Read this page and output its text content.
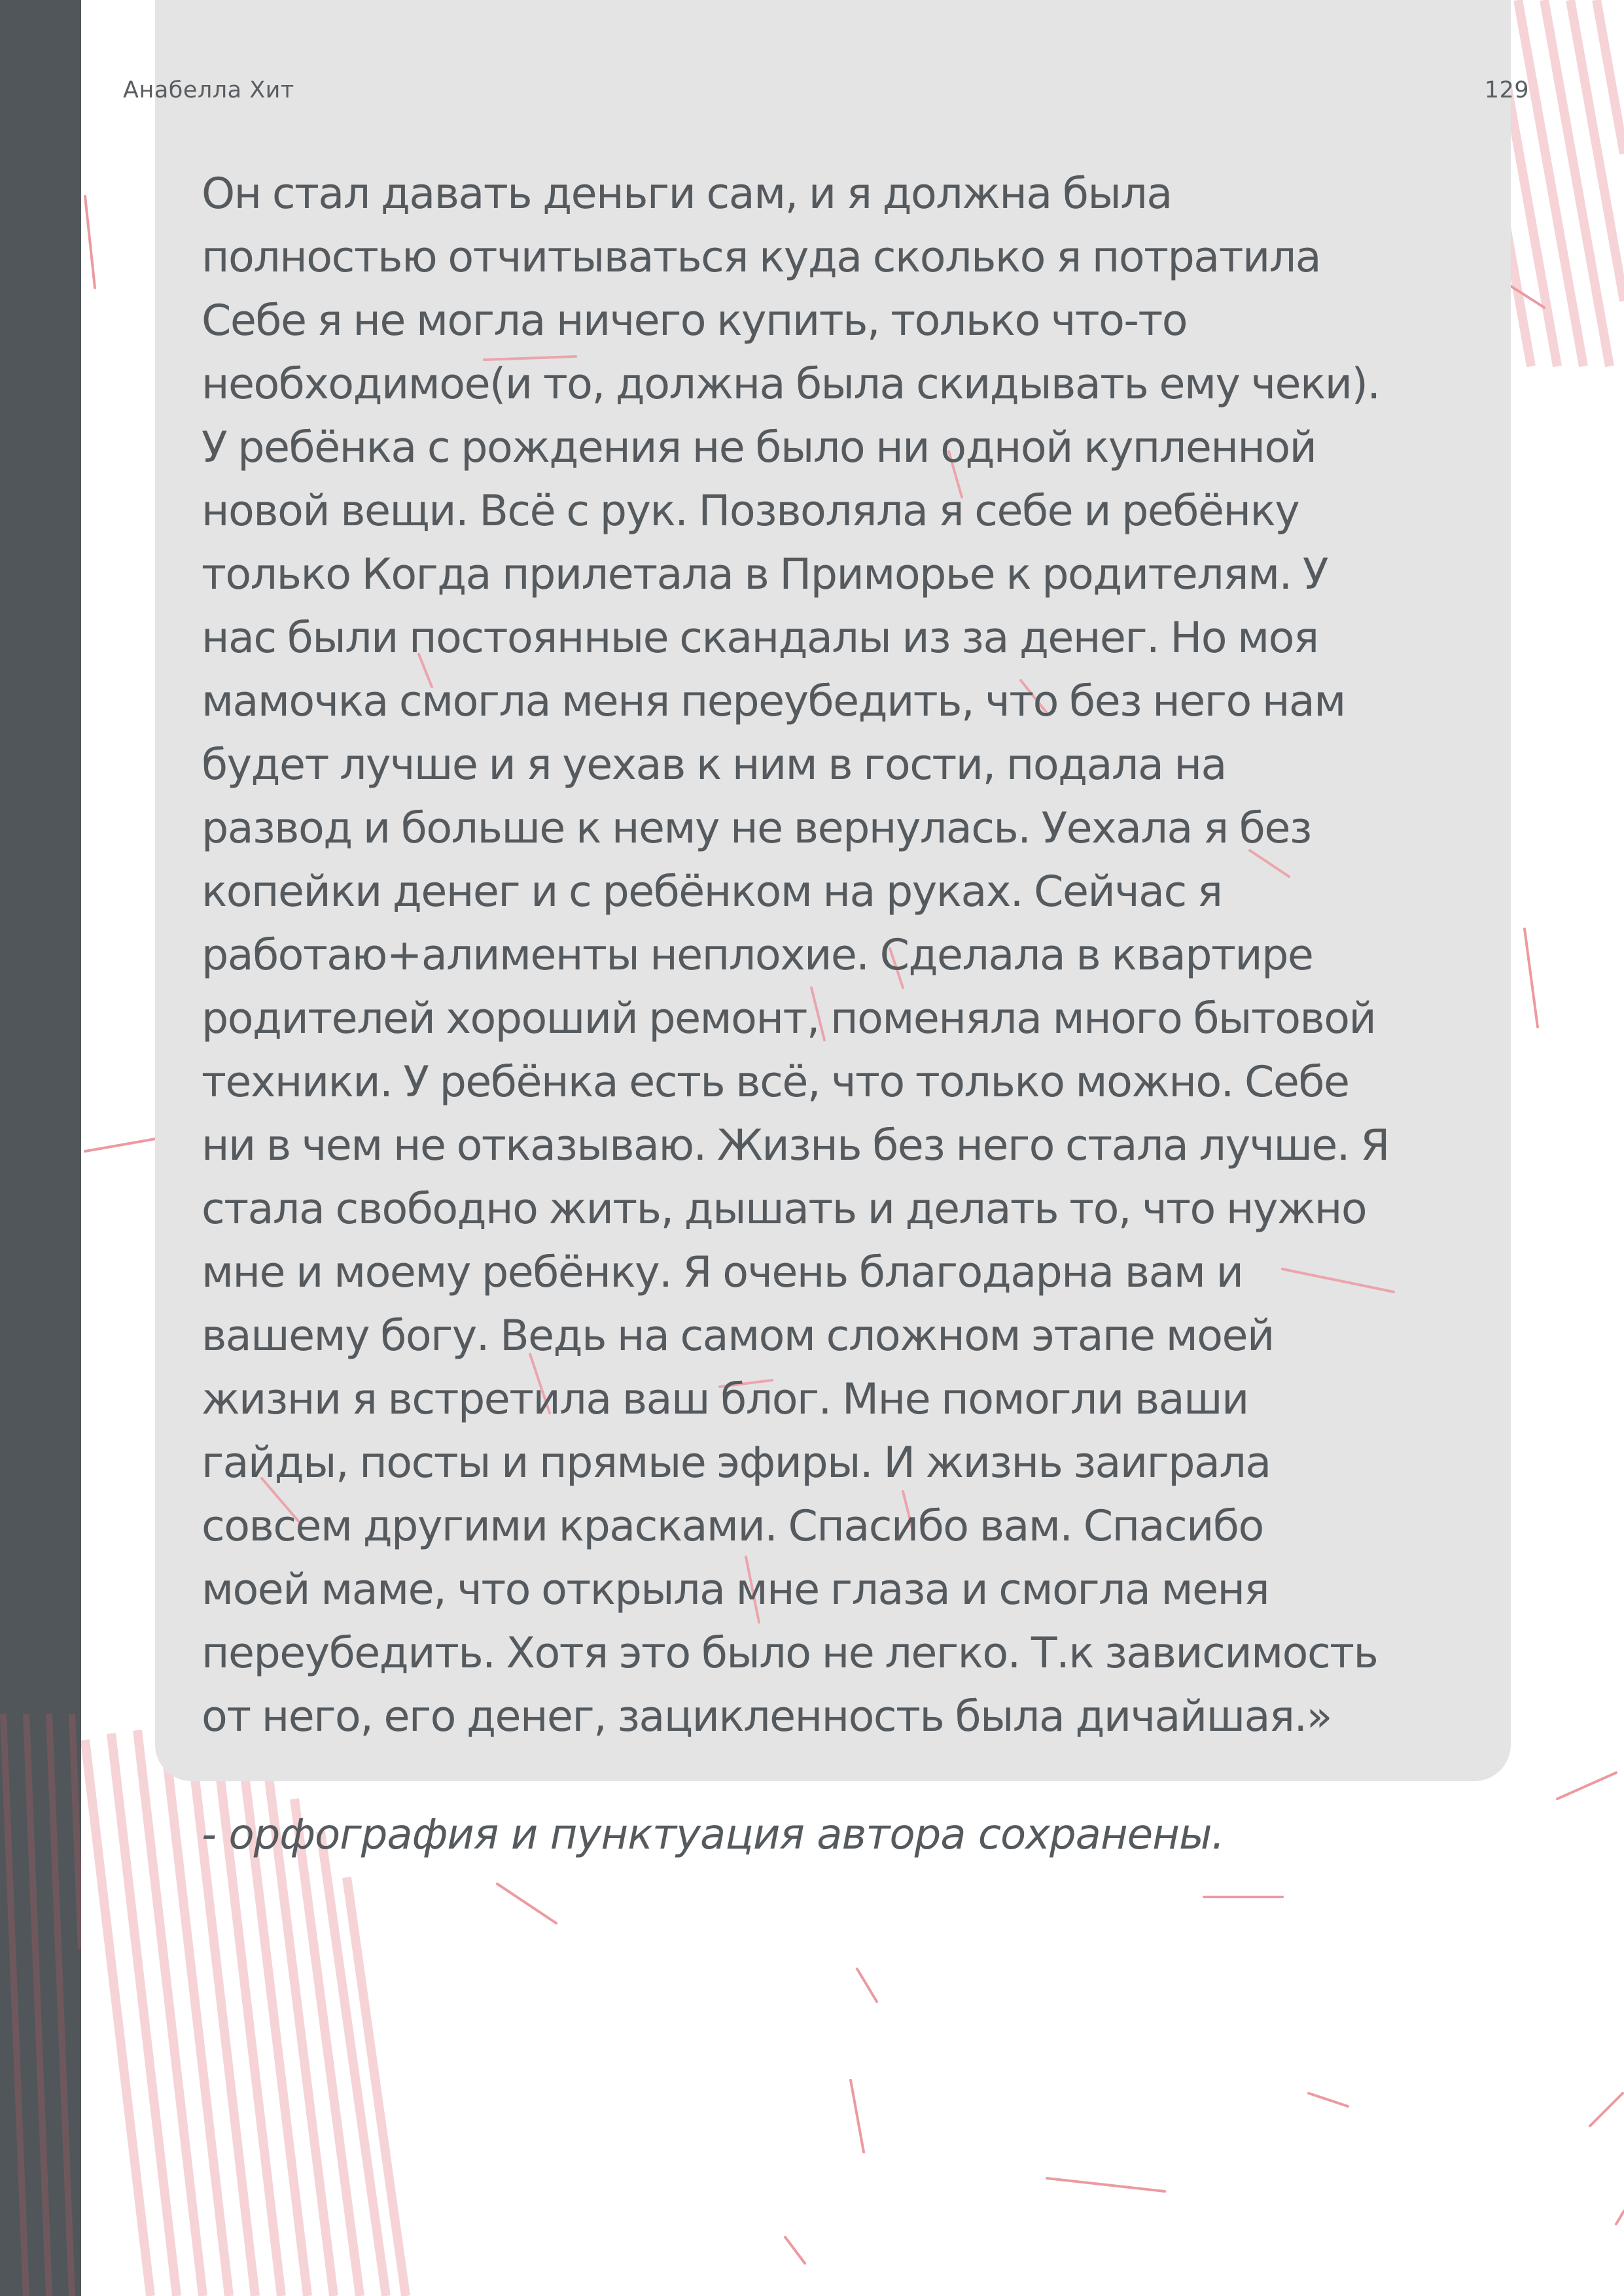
Анабелла Хит	129
Он стал давать деньги сам, и я должна была
полностью отчитываться куда сколько я потратила
Себе я не могла ничего купить, только что-то
необходимое(и то, должна была скидывать ему чеки).
У ребёнка с рождения не было ни одной купленной
новой вещи. Всё с рук. Позволяла я себе и ребёнку
только Когда прилетала в Приморье к родителям. У
нас были постоянные скандалы из за денег. Но моя
мамочка смогла меня переубедить, что без него нам
будет лучше и я уехав к ним в гости, подала на
развод и больше к нему не вернулась. Уехала я без
копейки денег и с ребёнком на руках. Сейчас я
работаю+алименты неплохие. Сделала в квартире
родителей хороший ремонт, поменяла много бытовой
техники. У ребёнка есть всё, что только можно. Себе
ни в чем не отказываю. Жизнь без него стала лучше. Я
стала свободно жить, дышать и делать то, что нужно
мне и моему ребёнку. Я очень благодарна вам и
вашему богу. Ведь на самом сложном этапе моей
жизни я встретила ваш блог. Мне помогли ваши
гайды, посты и прямые эфиры. И жизнь заиграла
совсем другими красками. Спасибо вам. Спасибо
моей маме, что открыла мне глаза и смогла меня
переубедить. Хотя это было не легко. Т.к зависимость
от него, его денег, зацикленность была дичайшая.»
- орфография и пунктуация автора сохранены.
